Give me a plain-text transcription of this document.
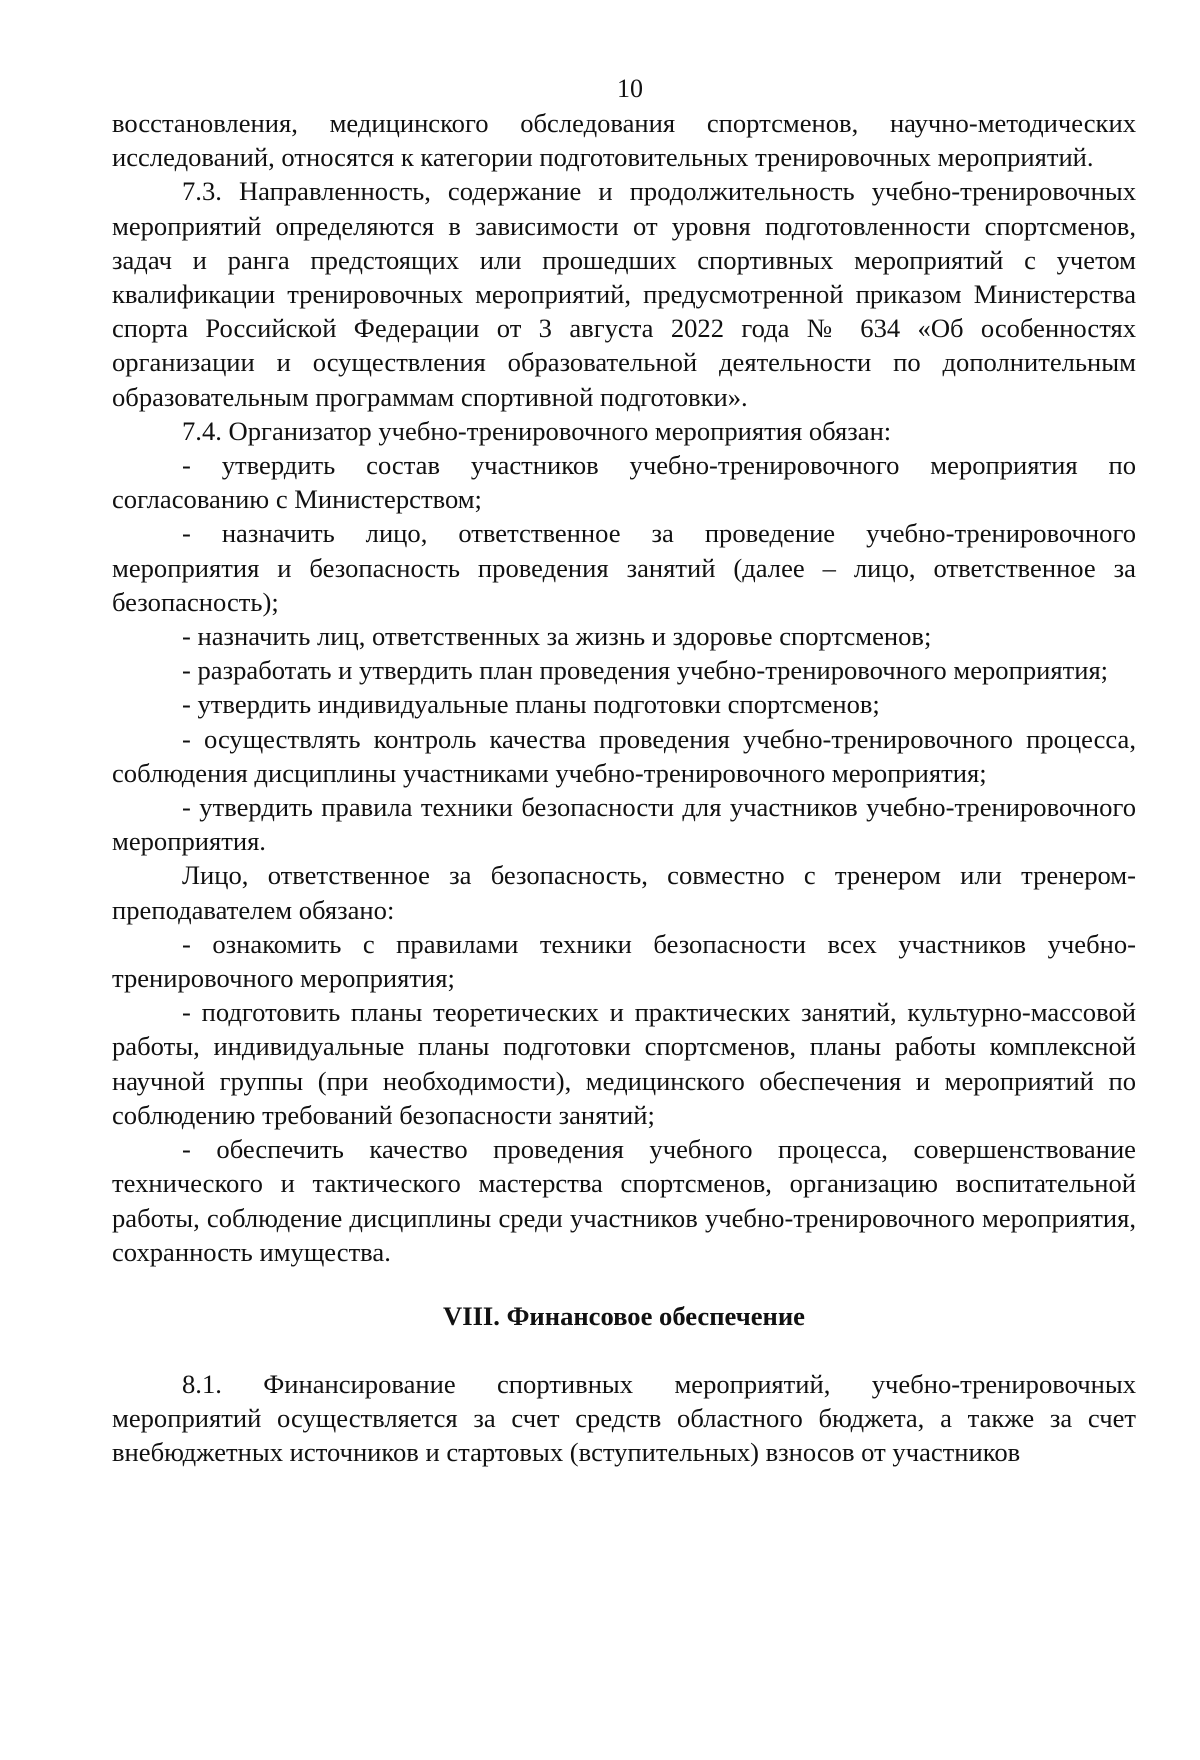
10

восстановления, медицинского обследования спортсменов, научно-методических исследований, относятся к категории подготовительных тренировочных мероприятий.

7.3. Направленность, содержание и продолжительность учебно-тренировочных мероприятий определяются в зависимости от уровня подготовленности спортсменов, задач и ранга предстоящих или прошедших спортивных мероприятий с учетом квалификации тренировочных мероприятий, предусмотренной приказом Министерства спорта Российской Федерации от 3 августа 2022 года № 634 «Об особенностях организации и осуществления образовательной деятельности по дополнительным образовательным программам спортивной подготовки».

7.4. Организатор учебно-тренировочного мероприятия обязан:

- утвердить состав участников учебно-тренировочного мероприятия по согласованию с Министерством;

- назначить лицо, ответственное за проведение учебно-тренировочного мероприятия и безопасность проведения занятий (далее – лицо, ответственное за безопасность);

- назначить лиц, ответственных за жизнь и здоровье спортсменов;

- разработать и утвердить план проведения учебно-тренировочного мероприятия;

- утвердить индивидуальные планы подготовки спортсменов;

- осуществлять контроль качества проведения учебно-тренировочного процесса, соблюдения дисциплины участниками учебно-тренировочного мероприятия;

- утвердить правила техники безопасности для участников учебно-тренировочного мероприятия.

Лицо, ответственное за безопасность, совместно с тренером или тренером-преподавателем обязано:

- ознакомить с правилами техники безопасности всех участников учебно-тренировочного мероприятия;

- подготовить планы теоретических и практических занятий, культурно-массовой работы, индивидуальные планы подготовки спортсменов, планы работы комплексной научной группы (при необходимости), медицинского обеспечения и мероприятий по соблюдению требований безопасности занятий;

- обеспечить качество проведения учебного процесса, совершенствование технического и тактического мастерства спортсменов, организацию воспитательной работы, соблюдение дисциплины среди участников учебно-тренировочного мероприятия, сохранность имущества.

VIII. Финансовое обеспечение

8.1. Финансирование спортивных мероприятий, учебно-тренировочных мероприятий осуществляется за счет средств областного бюджета, а также за счет внебюджетных источников и стартовых (вступительных) взносов от участников
